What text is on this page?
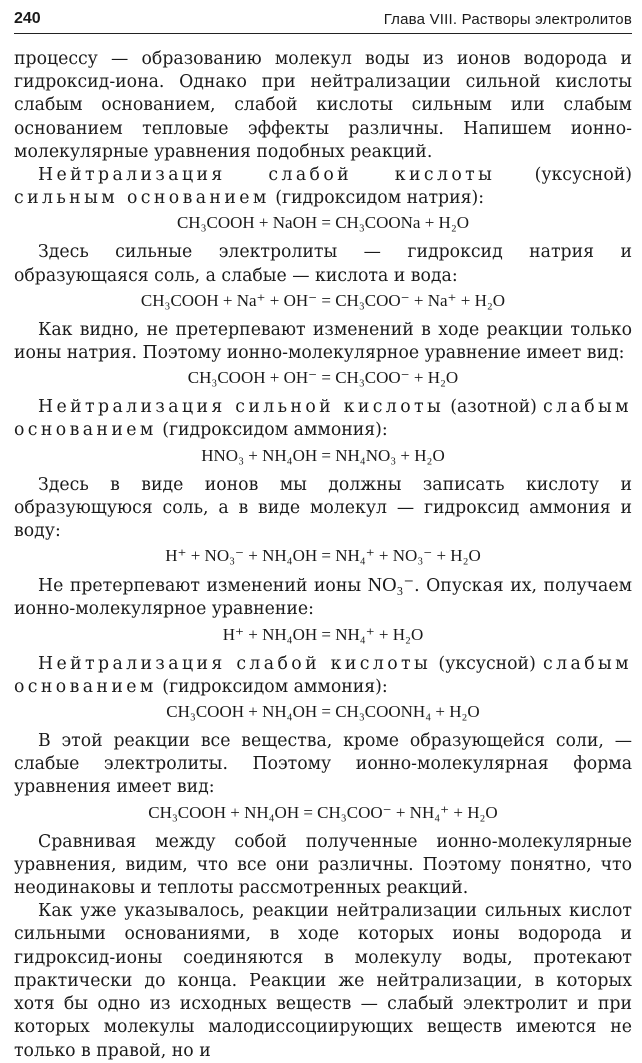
240	Глава VIII. Растворы электролитов

процессу — образованию молекул воды из ионов водорода и гидроксид-иона. Однако при нейтрализации сильной кислоты слабым основанием, слабой кислоты сильным или слабым основанием тепловые эффекты различны. Напишем ионно-молекулярные уравнения подобных реакций.

Нейтрализация слабой кислоты (уксусной) сильным основанием (гидроксидом натрия):

CH₃COOH + NaOH = CH₃COONa + H₂O

Здесь сильные электролиты — гидроксид натрия и образующаяся соль, а слабые — кислота и вода:

CH₃COOH + Na⁺ + OH⁻ = CH₃COO⁻ + Na⁺ + H₂O

Как видно, не претерпевают изменений в ходе реакции только ионы натрия. Поэтому ионно-молекулярное уравнение имеет вид:

CH₃COOH + OH⁻ = CH₃COO⁻ + H₂O

Нейтрализация сильной кислоты (азотной) слабым основанием (гидроксидом аммония):

HNO₃ + NH₄OH = NH₄NO₃ + H₂O

Здесь в виде ионов мы должны записать кислоту и образующуюся соль, а в виде молекул — гидроксид аммония и воду:

H⁺ + NO₃⁻ + NH₄OH = NH₄⁺ + NO₃⁻ + H₂O

Не претерпевают изменений ионы NO₃⁻. Опуская их, получаем ионно-молекулярное уравнение:

H⁺ + NH₄OH = NH₄⁺ + H₂O

Нейтрализация слабой кислоты (уксусной) слабым основанием (гидроксидом аммония):

CH₃COOH + NH₄OH = CH₃COONH₄ + H₂O

В этой реакции все вещества, кроме образующейся соли, — слабые электролиты. Поэтому ионно-молекулярная форма уравнения имеет вид:

CH₃COOH + NH₄OH = CH₃COO⁻ + NH₄⁺ + H₂O

Сравнивая между собой полученные ионно-молекулярные уравнения, видим, что все они различны. Поэтому понятно, что неодинаковы и теплоты рассмотренных реакций.

Как уже указывалось, реакции нейтрализации сильных кислот сильными основаниями, в ходе которых ионы водорода и гидроксид-ионы соединяются в молекулу воды, протекают практически до конца. Реакции же нейтрализации, в которых хотя бы одно из исходных веществ — слабый электролит и при которых молекулы малодиссоциирующих веществ имеются не только в правой, но и
